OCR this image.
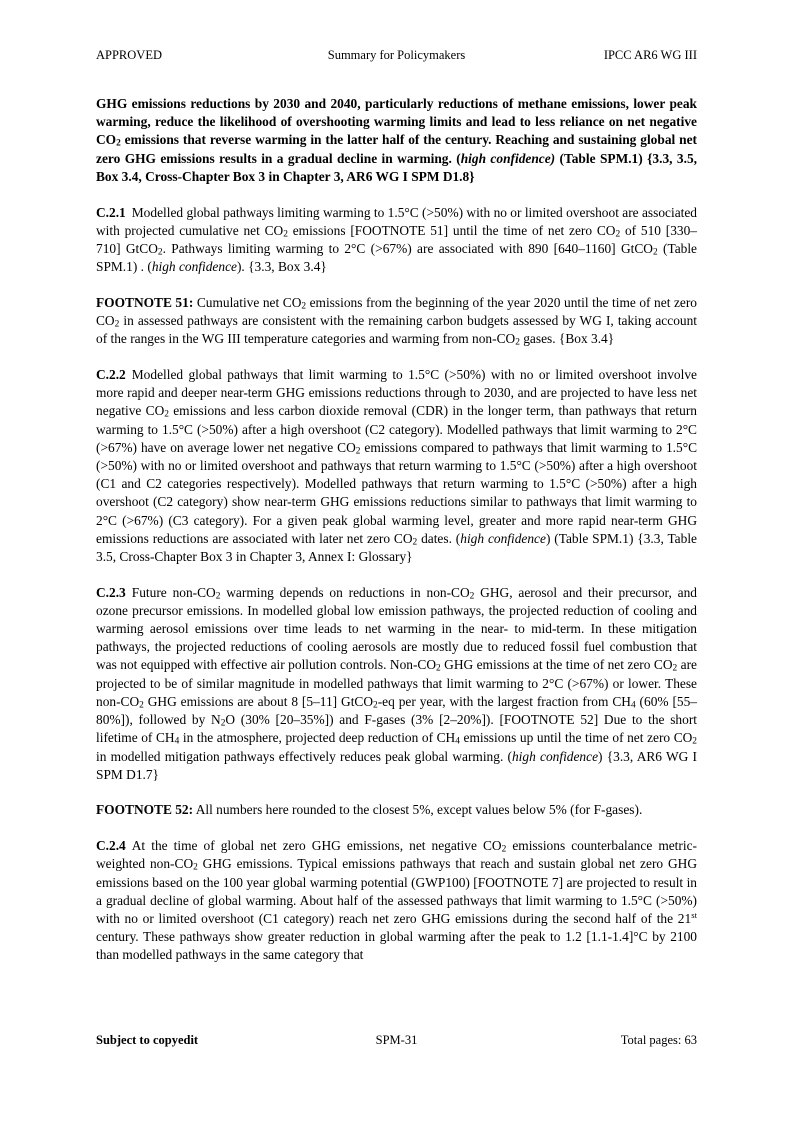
APPROVED	Summary for Policymakers	IPCC AR6 WG III

GHG emissions reductions by 2030 and 2040, particularly reductions of methane emissions, lower peak warming, reduce the likelihood of overshooting warming limits and lead to less reliance on net negative $CO_2$ emissions that reverse warming in the latter half of the century. Reaching and sustaining global net zero GHG emissions results in a gradual decline in warming. (high confidence) (Table SPM.1) {3.3, 3.5, Box 3.4, Cross-Chapter Box 3 in Chapter 3, AR6 WG I SPM D1.8}

C.2.1 Modelled global pathways limiting warming to 1.5°C (>50%) with no or limited overshoot are associated with projected cumulative net $CO_2$ emissions [FOOTNOTE 51] until the time of net zero $CO_2$ of 510 [330–710] GtCO$_2$. Pathways limiting warming to 2°C (>67%) are associated with 890 [640–1160] GtCO$_2$ (Table SPM.1) . (high confidence). {3.3, Box 3.4}

FOOTNOTE 51: Cumulative net $CO_2$ emissions from the beginning of the year 2020 until the time of net zero $CO_2$ in assessed pathways are consistent with the remaining carbon budgets assessed by WG I, taking account of the ranges in the WG III temperature categories and warming from non-$CO_2$ gases. {Box 3.4}

C.2.2 Modelled global pathways that limit warming to 1.5°C (>50%) with no or limited overshoot involve more rapid and deeper near-term GHG emissions reductions through to 2030, and are projected to have less net negative $CO_2$ emissions and less carbon dioxide removal (CDR) in the longer term, than pathways that return warming to 1.5°C (>50%) after a high overshoot (C2 category). Modelled pathways that limit warming to 2°C (>67%) have on average lower net negative $CO_2$ emissions compared to pathways that limit warming to 1.5°C (>50%) with no or limited overshoot and pathways that return warming to 1.5°C (>50%) after a high overshoot (C1 and C2 categories respectively). Modelled pathways that return warming to 1.5°C (>50%) after a high overshoot (C2 category) show near-term GHG emissions reductions similar to pathways that limit warming to 2°C (>67%) (C3 category). For a given peak global warming level, greater and more rapid near-term GHG emissions reductions are associated with later net zero $CO_2$ dates. (high confidence) (Table SPM.1) {3.3, Table 3.5, Cross-Chapter Box 3 in Chapter 3, Annex I: Glossary}

C.2.3 Future non-$CO_2$ warming depends on reductions in non-$CO_2$ GHG, aerosol and their precursor, and ozone precursor emissions. In modelled global low emission pathways, the projected reduction of cooling and warming aerosol emissions over time leads to net warming in the near- to mid-term. In these mitigation pathways, the projected reductions of cooling aerosols are mostly due to reduced fossil fuel combustion that was not equipped with effective air pollution controls. Non-$CO_2$ GHG emissions at the time of net zero $CO_2$ are projected to be of similar magnitude in modelled pathways that limit warming to 2°C (>67%) or lower. These non-$CO_2$ GHG emissions are about 8 [5–11] GtCO$_2$-eq per year, with the largest fraction from $CH_4$ (60% [55–80%]), followed by $N_2O$ (30% [20–35%]) and F-gases (3% [2–20%]). [FOOTNOTE 52] Due to the short lifetime of $CH_4$ in the atmosphere, projected deep reduction of $CH_4$ emissions up until the time of net zero $CO_2$ in modelled mitigation pathways effectively reduces peak global warming. (high confidence) {3.3, AR6 WG I SPM D1.7}

FOOTNOTE 52: All numbers here rounded to the closest 5%, except values below 5% (for F-gases).

C.2.4 At the time of global net zero GHG emissions, net negative $CO_2$ emissions counterbalance metric-weighted non-$CO_2$ GHG emissions. Typical emissions pathways that reach and sustain global net zero GHG emissions based on the 100 year global warming potential (GWP100) [FOOTNOTE 7] are projected to result in a gradual decline of global warming. About half of the assessed pathways that limit warming to 1.5°C (>50%) with no or limited overshoot (C1 category) reach net zero GHG emissions during the second half of the 21st century. These pathways show greater reduction in global warming after the peak to 1.2 [1.1-1.4]°C by 2100 than modelled pathways in the same category that

Subject to copyedit	SPM-31	Total pages: 63
